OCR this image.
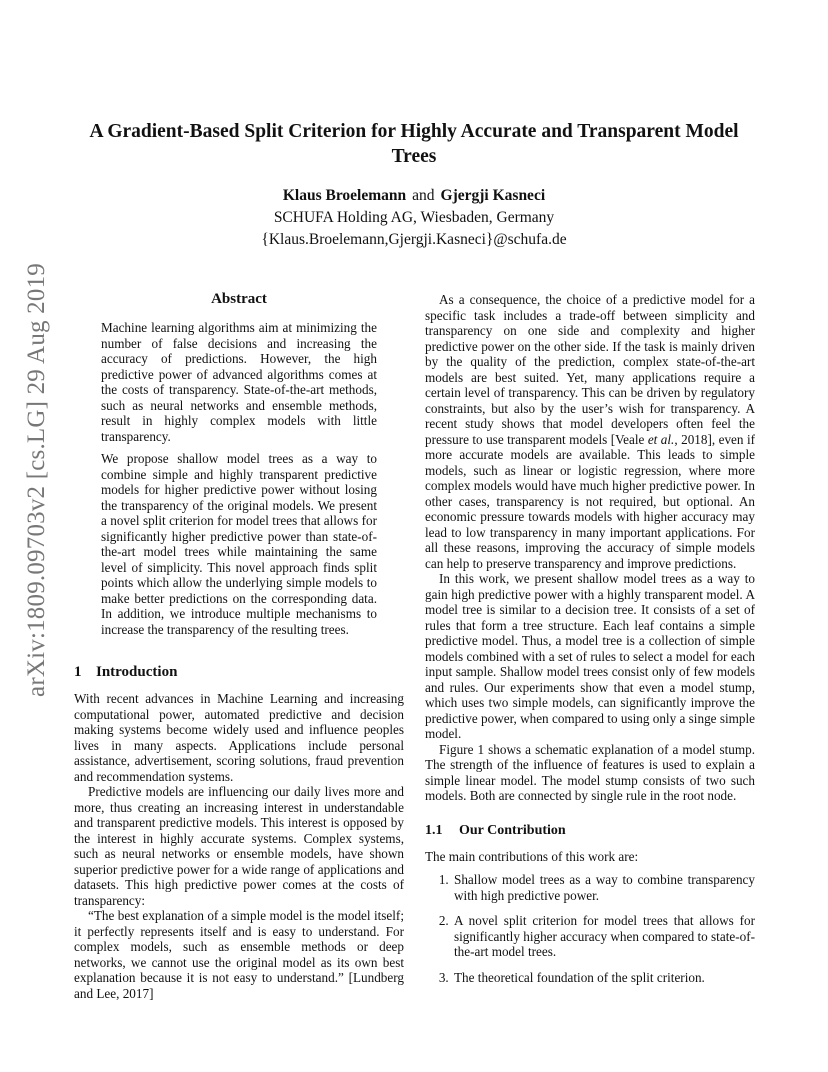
arXiv:1809.09703v2 [cs.LG] 29 Aug 2019
A Gradient-Based Split Criterion for Highly Accurate and Transparent Model Trees
Klaus Broelemann and Gjergji Kasneci
SCHUFA Holding AG, Wiesbaden, Germany
{Klaus.Broelemann,Gjergji.Kasneci}@schufa.de
Abstract

Machine learning algorithms aim at minimizing the number of false decisions and increasing the accuracy of predictions. However, the high predictive power of advanced algorithms comes at the costs of transparency. State-of-the-art methods, such as neural networks and ensemble methods, result in highly complex models with little transparency.

We propose shallow model trees as a way to combine simple and highly transparent predictive models for higher predictive power without losing the transparency of the original models. We present a novel split criterion for model trees that allows for significantly higher predictive power than state-of-the-art model trees while maintaining the same level of simplicity. This novel approach finds split points which allow the underlying simple models to make better predictions on the corresponding data. In addition, we introduce multiple mechanisms to increase the transparency of the resulting trees.

1 Introduction

With recent advances in Machine Learning and increasing computational power, automated predictive and decision making systems become widely used and influence peoples lives in many aspects. Applications include personal assistance, advertisement, scoring solutions, fraud prevention and recommendation systems.

Predictive models are influencing our daily lives more and more, thus creating an increasing interest in understandable and transparent predictive models. This interest is opposed by the interest in highly accurate systems. Complex systems, such as neural networks or ensemble models, have shown superior predictive power for a wide range of applications and datasets. This high predictive power comes at the costs of transparency:

“The best explanation of a simple model is the model itself; it perfectly represents itself and is easy to understand. For complex models, such as ensemble methods or deep networks, we cannot use the original model as its own best explanation because it is not easy to understand.” [Lundberg and Lee, 2017]

As a consequence, the choice of a predictive model for a specific task includes a trade-off between simplicity and transparency on one side and complexity and higher predictive power on the other side. If the task is mainly driven by the quality of the prediction, complex state-of-the-art models are best suited. Yet, many applications require a certain level of transparency. This can be driven by regulatory constraints, but also by the user’s wish for transparency. A recent study shows that model developers often feel the pressure to use transparent models [Veale et al., 2018], even if more accurate models are available. This leads to simple models, such as linear or logistic regression, where more complex models would have much higher predictive power. In other cases, transparency is not required, but optional. An economic pressure towards models with higher accuracy may lead to low transparency in many important applications. For all these reasons, improving the accuracy of simple models can help to preserve transparency and improve predictions.

In this work, we present shallow model trees as a way to gain high predictive power with a highly transparent model. A model tree is similar to a decision tree. It consists of a set of rules that form a tree structure. Each leaf contains a simple predictive model. Thus, a model tree is a collection of simple models combined with a set of rules to select a model for each input sample. Shallow model trees consist only of few models and rules. Our experiments show that even a model stump, which uses two simple models, can significantly improve the predictive power, when compared to using only a singe simple model.

Figure 1 shows a schematic explanation of a model stump. The strength of the influence of features is used to explain a simple linear model. The model stump consists of two such models. Both are connected by single rule in the root node.

1.1 Our Contribution

The main contributions of this work are:

1. Shallow model trees as a way to combine transparency with high predictive power.
2. A novel split criterion for model trees that allows for significantly higher accuracy when compared to state-of-the-art model trees.
3. The theoretical foundation of the split criterion.
